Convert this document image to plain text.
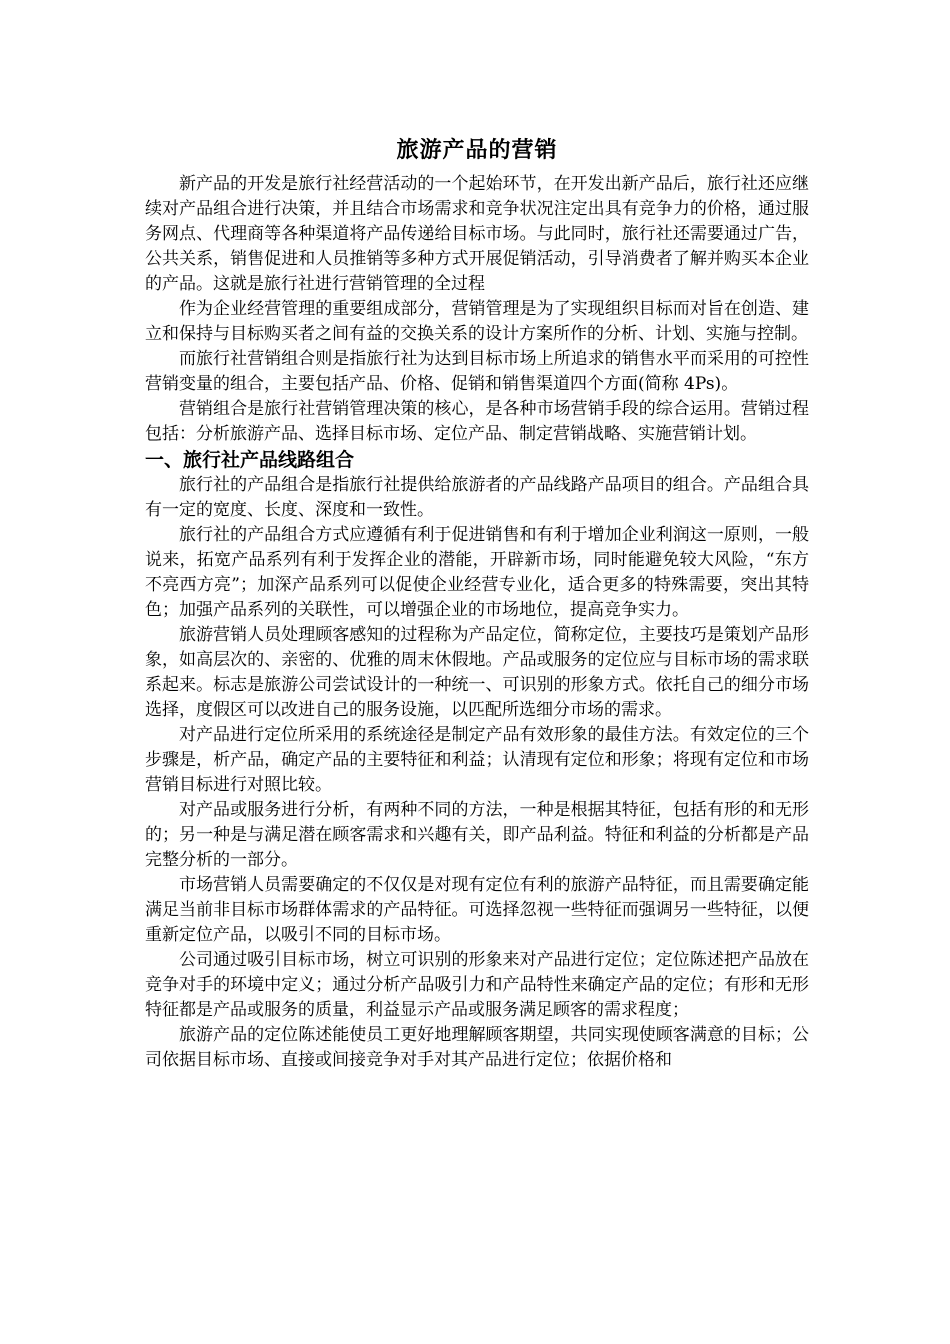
旅游产品的营销

新产品的开发是旅行社经营活动的一个起始环节，在开发出新产品后，旅行社还应继续对产品组合进行决策，并且结合市场需求和竞争状况注定出具有竞争力的价格，通过服务网点、代理商等各种渠道将产品传递给目标市场。与此同时，旅行社还需要通过广告，公共关系，销售促进和人员推销等多种方式开展促销活动，引导消费者了解并购买本企业的产品。这就是旅行社进行营销管理的全过程

作为企业经营管理的重要组成部分，营销管理是为了实现组织目标而对旨在创造、建立和保持与目标购买者之间有益的交换关系的设计方案所作的分析、计划、实施与控制。

而旅行社营销组合则是指旅行社为达到目标市场上所追求的销售水平而采用的可控性营销变量的组合，主要包括产品、价格、促销和销售渠道四个方面(简称 4Ps)。

营销组合是旅行社营销管理决策的核心，是各种市场营销手段的综合运用。营销过程包括：分析旅游产品、选择目标市场、定位产品、制定营销战略、实施营销计划。

一、旅行社产品线路组合

旅行社的产品组合是指旅行社提供给旅游者的产品线路产品项目的组合。产品组合具有一定的宽度、长度、深度和一致性。

旅行社的产品组合方式应遵循有利于促进销售和有利于增加企业利润这一原则，一般说来，拓宽产品系列有利于发挥企业的潜能，开辟新市场，同时能避免较大风险，“东方不亮西方亮”；加深产品系列可以促使企业经营专业化，适合更多的特殊需要，突出其特色；加强产品系列的关联性，可以增强企业的市场地位，提高竞争实力。

旅游营销人员处理顾客感知的过程称为产品定位，简称定位，主要技巧是策划产品形象，如高层次的、亲密的、优雅的周末休假地。产品或服务的定位应与目标市场的需求联系起来。标志是旅游公司尝试设计的一种统一、可识别的形象方式。依托自己的细分市场选择，度假区可以改进自己的服务设施，以匹配所选细分市场的需求。

对产品进行定位所采用的系统途径是制定产品有效形象的最佳方法。有效定位的三个步骤是，析产品，确定产品的主要特征和利益；认清现有定位和形象；将现有定位和市场营销目标进行对照比较。

对产品或服务进行分析，有两种不同的方法，一种是根据其特征，包括有形的和无形的；另一种是与满足潜在顾客需求和兴趣有关，即产品利益。特征和利益的分析都是产品完整分析的一部分。

市场营销人员需要确定的不仅仅是对现有定位有利的旅游产品特征，而且需要确定能满足当前非目标市场群体需求的产品特征。可选择忽视一些特征而强调另一些特征，以便重新定位产品，以吸引不同的目标市场。

公司通过吸引目标市场，树立可识别的形象来对产品进行定位；定位陈述把产品放在竞争对手的环境中定义；通过分析产品吸引力和产品特性来确定产品的定位；有形和无形特征都是产品或服务的质量，利益显示产品或服务满足顾客的需求程度；

旅游产品的定位陈述能使员工更好地理解顾客期望，共同实现使顾客满意的目标；公司依据目标市场、直接或间接竞争对手对其产品进行定位；依据价格和
